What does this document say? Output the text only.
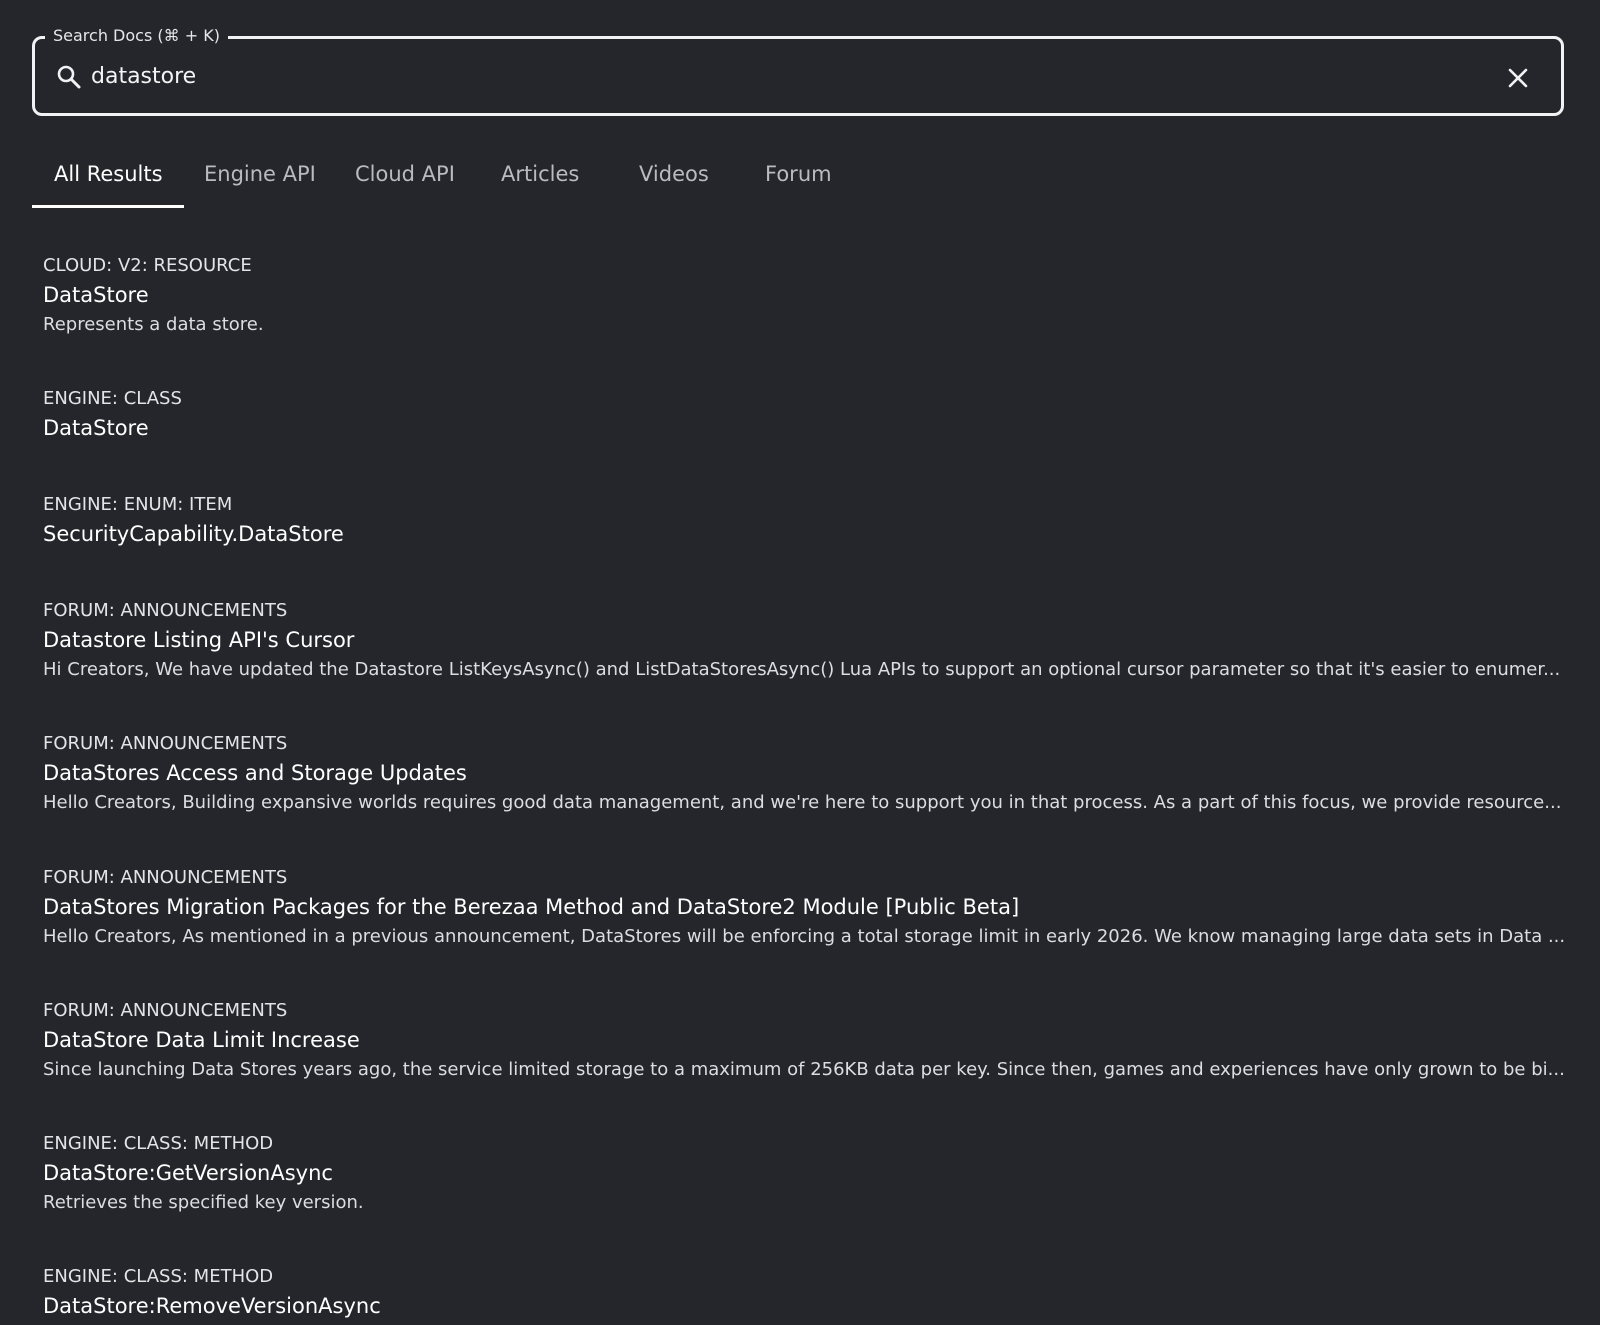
Search Docs (⌘ + K)
datastore
All Results	Engine API	Cloud API	Articles	Videos	Forum
CLOUD: V2: RESOURCE
DataStore
Represents a data store.
ENGINE: CLASS
DataStore
ENGINE: ENUM: ITEM
SecurityCapability.DataStore
FORUM: ANNOUNCEMENTS
Datastore Listing API's Cursor
Hi Creators, We have updated the Datastore ListKeysAsync() and ListDataStoresAsync() Lua APIs to support an optional cursor parameter so that it's easier to enumer...
FORUM: ANNOUNCEMENTS
DataStores Access and Storage Updates
Hello Creators, Building expansive worlds requires good data management, and we're here to support you in that process. As a part of this focus, we provide resource...
FORUM: ANNOUNCEMENTS
DataStores Migration Packages for the Berezaa Method and DataStore2 Module [Public Beta]
Hello Creators, As mentioned in a previous announcement, DataStores will be enforcing a total storage limit in early 2026. We know managing large data sets in Data ...
FORUM: ANNOUNCEMENTS
DataStore Data Limit Increase
Since launching Data Stores years ago, the service limited storage to a maximum of 256KB data per key. Since then, games and experiences have only grown to be bi...
ENGINE: CLASS: METHOD
DataStore:GetVersionAsync
Retrieves the specified key version.
ENGINE: CLASS: METHOD
DataStore:RemoveVersionAsync
